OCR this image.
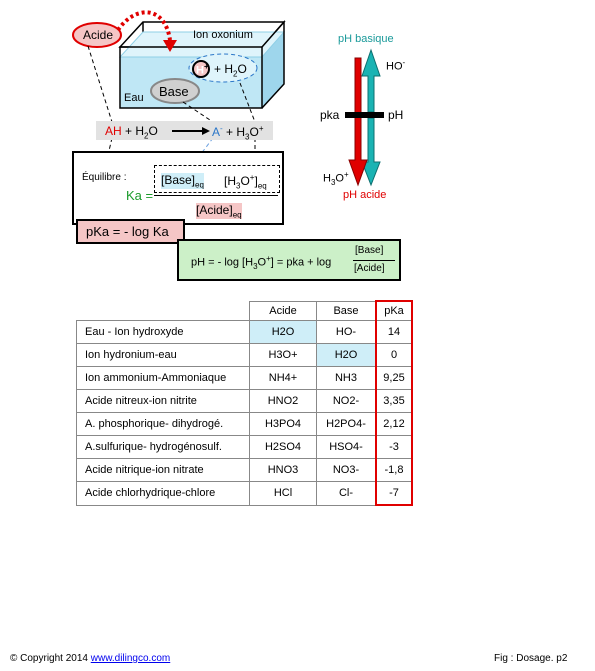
Acide	Ion oxonium
Eau Base
$H^+ + H_2O$
AH + $H_2O$	$A^- + H_3O^+$
pH basique
HO-
pka	pH
$H_3O^+$
pH acide
Équilibre :
Ka =
$[Base]_{eq}$ $[H_3O^+]_{eq}$
$[Acide]_{eq}$
pKa = - log Ka
pH = - $\log [H_3O^+]$ = pka + log
[Base]
[Acide]
	Acide	Base	pKa
Eau - Ion hydroxyde	H2O	HO-	14
Ion hydronium-eau	H3O+	H2O	0
Ion ammonium-Ammoniaque	NH4+	NH3	9,25
Acide nitreux-ion nitrite	HNO2	NO2-	3,35
A. phosphorique- dihydrogé.	H3PO4	H2PO4-	2,12
A.sulfurique- hydrogénosulf.	H2SO4	HSO4-	-3
Acide nitrique-ion nitrate	HNO3	NO3-	-1,8
Acide chlorhydrique-chlore	HCl	Cl-	-7
© Copyright 2014 www.dilingco.com	Fig : Dosage. p2
